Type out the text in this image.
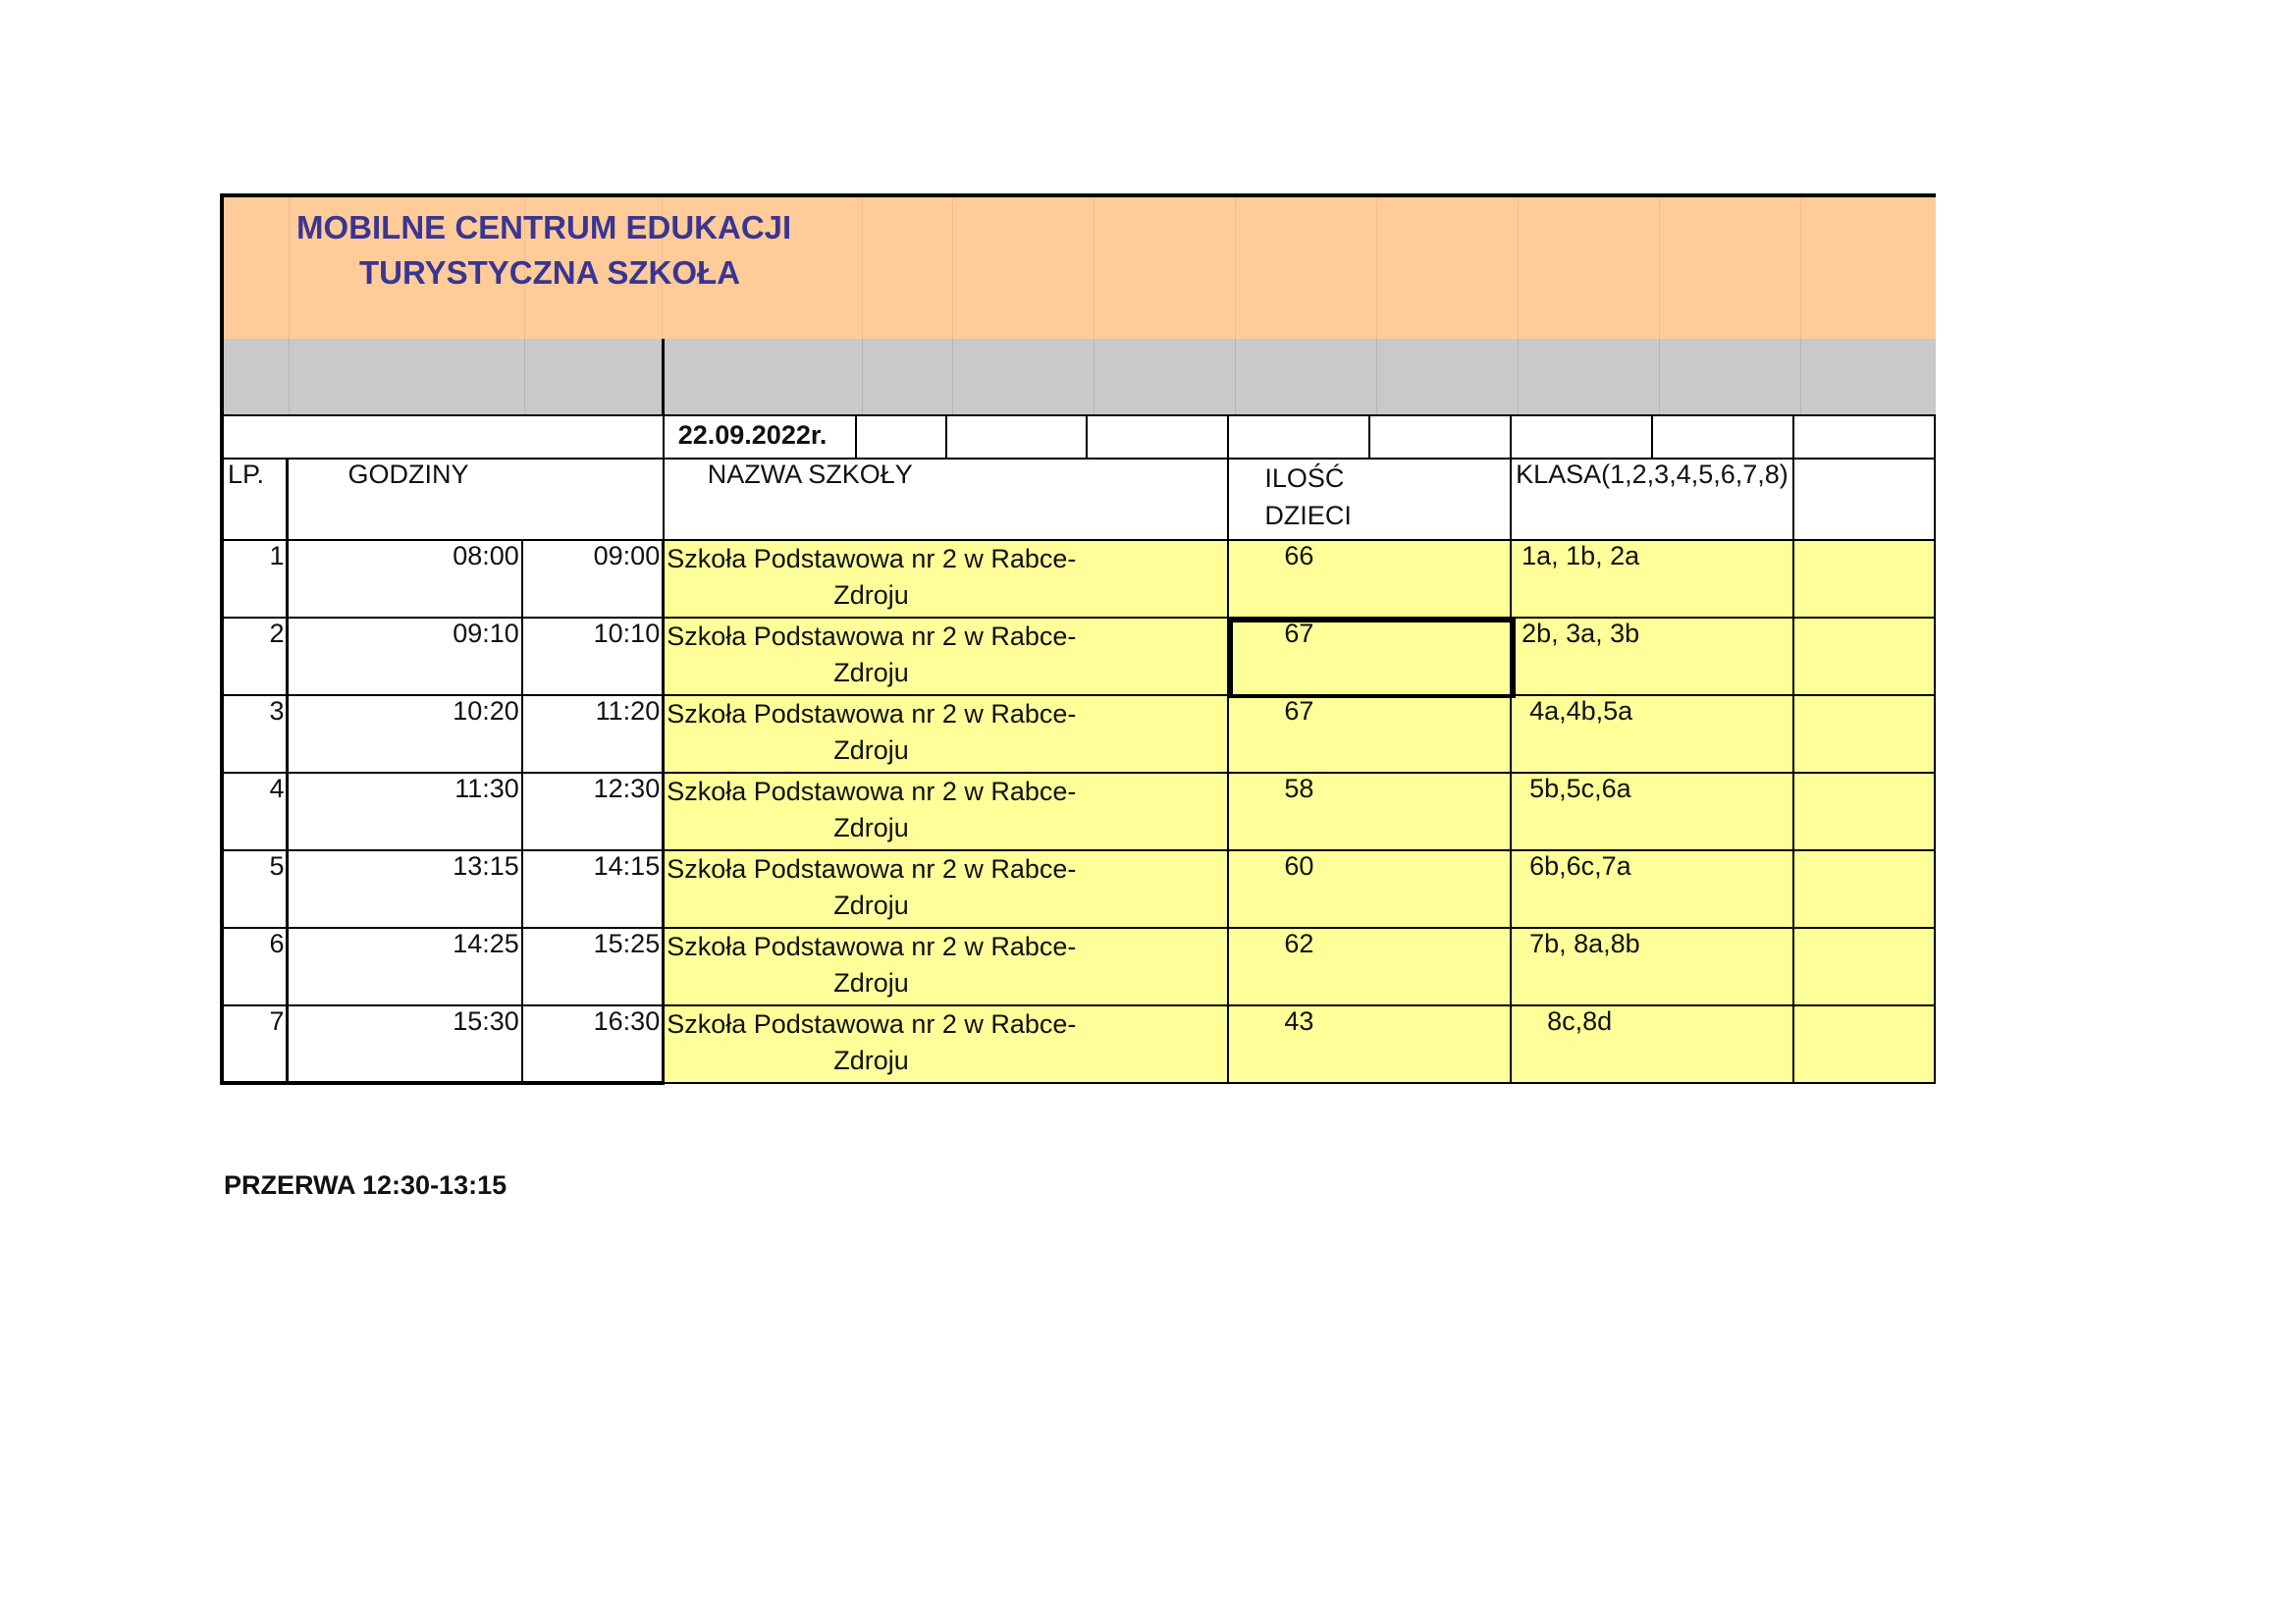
MOBILNE CENTRUM EDUKACJI
TURYSTYCZNA SZKOŁA
			22.09.2022r.								
LP.	GODZINY		NAZWA SZKOŁY				ILOŚĆ
DZIECI		KLASA(1,2,3,4,5,6,7,8)		
1	08:00	09:00	Szkoła Podstawowa nr 2 w Rabce-
Zdroju				66		1a, 1b, 2a		
2	09:10	10:10	Szkoła Podstawowa nr 2 w Rabce-
Zdroju				67		2b, 3a, 3b		
3	10:20	11:20	Szkoła Podstawowa nr 2 w Rabce-
Zdroju				67		4a,4b,5a		
4	11:30	12:30	Szkoła Podstawowa nr 2 w Rabce-
Zdroju				58		5b,5c,6a		
5	13:15	14:15	Szkoła Podstawowa nr 2 w Rabce-
Zdroju				60		6b,6c,7a		
6	14:25	15:25	Szkoła Podstawowa nr 2 w Rabce-
Zdroju				62		7b, 8a,8b		
7	15:30	16:30	Szkoła Podstawowa nr 2 w Rabce-
Zdroju				43		8c,8d		
PRZERWA 12:30-13:15
